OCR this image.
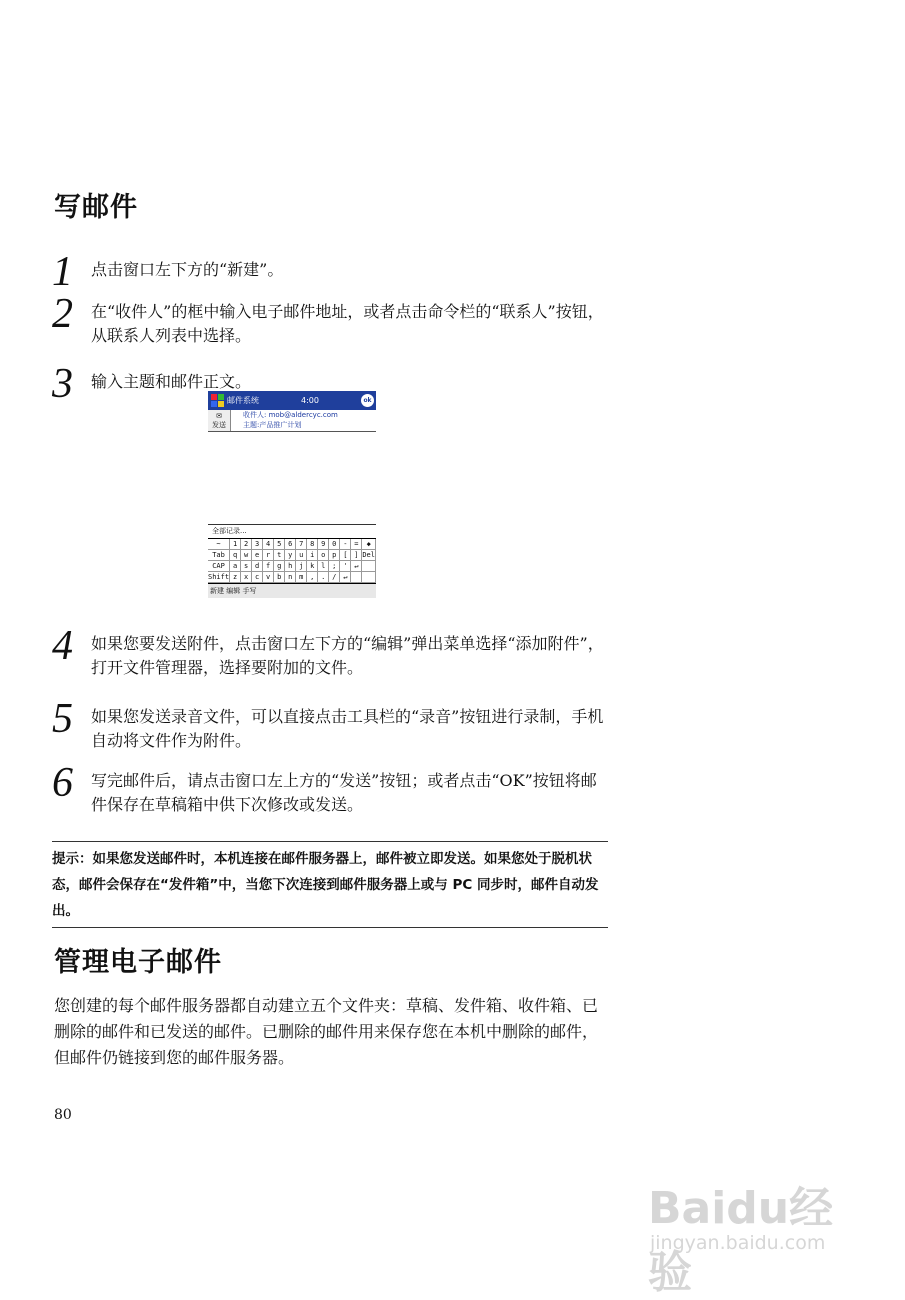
写邮件
1 点击窗口左下方的“新建”。
2 在“收件人”的框中输入电子邮件地址，或者点击命令栏的“联系人”按钮，从联系人列表中选择。
3 输入主题和邮件正文。
邮件系统	4:00	ok
✉
发送
收件人: mob@aldercyc.com
主题:产品推广计划
全部记录...
~	1 2 3 4 5 6 7 8 9 0 - =	◆
Tab	q w e r t y u i o p [ ] Del
CAP	a s d f g h j k l ; ' ↵
Shift z x c v b n m , . / ↵
新建 编辑 手写
4 如果您要发送附件，点击窗口左下方的“编辑”弹出菜单选择“添加附件”，打开文件管理器，选择要附加的文件。
5 如果您发送录音文件，可以直接点击工具栏的“录音”按钮进行录制，手机自动将文件作为附件。
6 写完邮件后，请点击窗口左上方的“发送”按钮；或者点击“OK”按钮将邮件保存在草稿箱中供下次修改或发送。
提示：如果您发送邮件时，本机连接在邮件服务器上，邮件被立即发送。如果您处于脱机状态，邮件会保存在“发件箱”中，当您下次连接到邮件服务器上或与 PC 同步时，邮件自动发出。
管理电子邮件
您创建的每个邮件服务器都自动建立五个文件夹：草稿、发件箱、收件箱、已删除的邮件和已发送的邮件。已删除的邮件用来保存您在本机中删除的邮件，但邮件仍链接到您的邮件服务器。
80
Baidu经验
jingyan.baidu.com
